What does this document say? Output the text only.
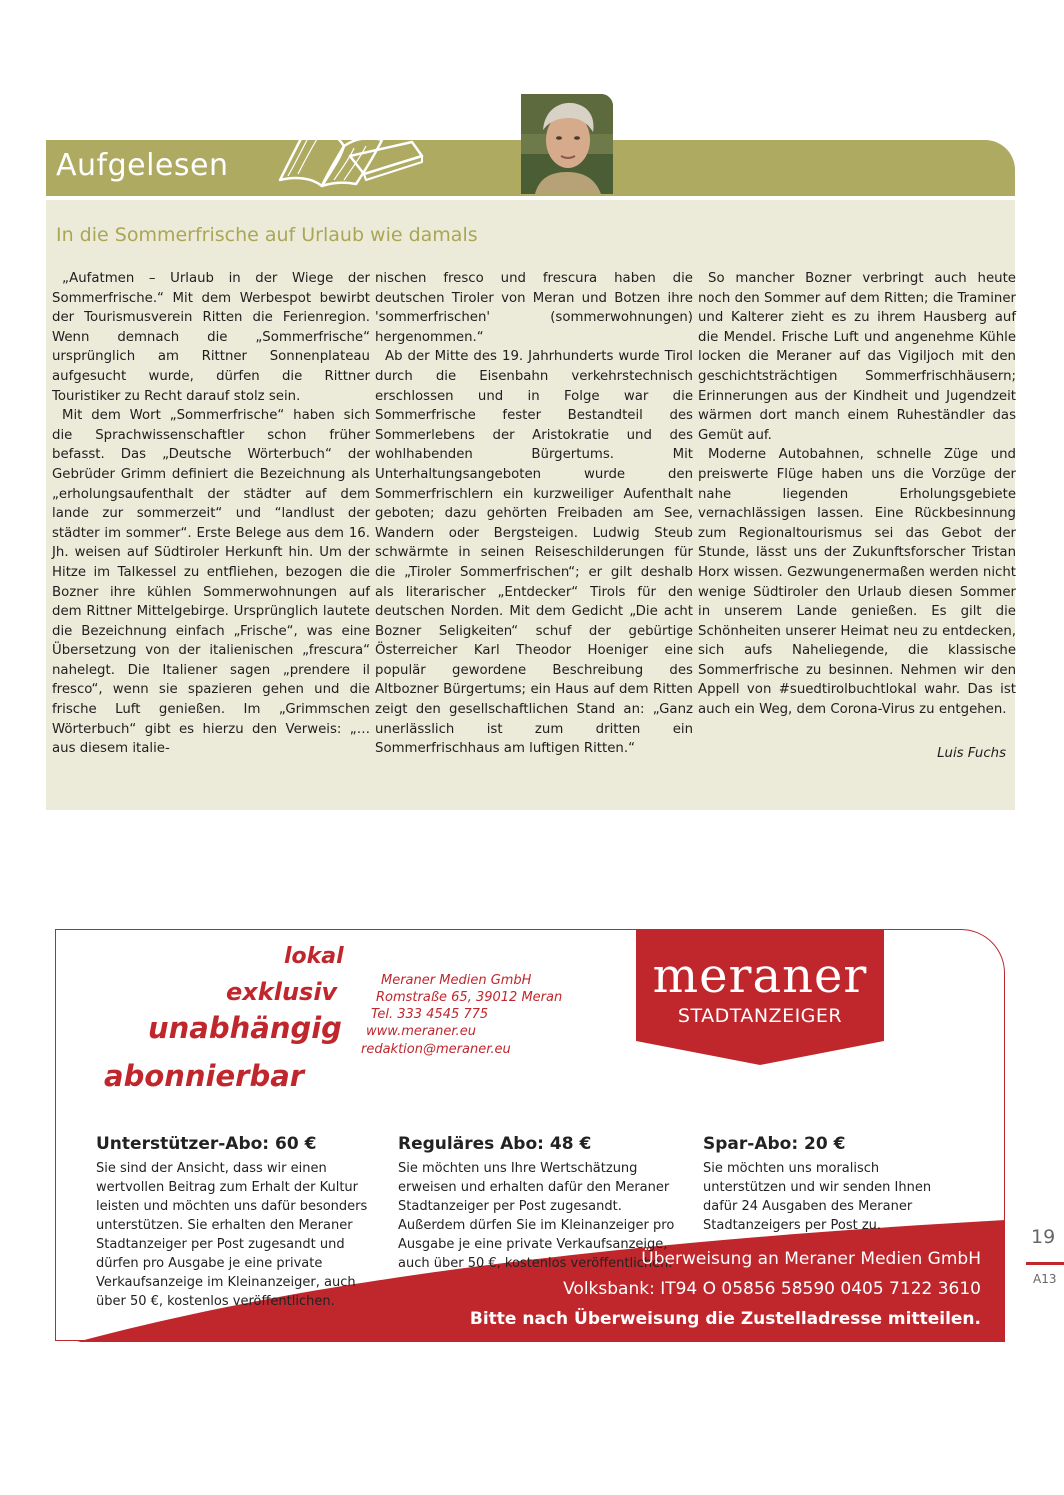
Aufgelesen
In die Sommerfrische auf Urlaub wie damals

„Aufatmen – Urlaub in der Wiege der Sommerfrische.“ Mit dem Werbespot bewirbt der Tourismusverein Ritten die Ferienregion. Wenn demnach die „Sommerfrische“ ursprünglich am Rittner Sonnenplateau aufgesucht wurde, dürfen die Rittner Touristiker zu Recht darauf stolz sein.

Mit dem Wort „Sommerfrische“ haben sich die Sprachwissenschaftler schon früher befasst. Das „Deutsche Wörterbuch“ der Gebrüder Grimm definiert die Bezeichnung als „erholungsaufenthalt der städter auf dem lande zur sommerzeit“ und “landlust der städter im sommer“. Erste Belege aus dem 16. Jh. weisen auf Südtiroler Herkunft hin. Um der Hitze im Talkessel zu entfliehen, bezogen die Bozner ihre kühlen Sommerwohnungen auf dem Rittner Mittelgebirge. Ursprünglich lautete die Bezeichnung einfach „Frische“, was eine Übersetzung von der italienischen „frescura“ nahelegt. Die Italiener sagen „prendere il fresco“, wenn sie spazieren gehen und die frische Luft genießen. Im „Grimmschen Wörterbuch“ gibt es hierzu den Verweis: „… aus diesem italie-

nischen fresco und frescura haben die deutschen Tiroler von Meran und Botzen ihre 'sommerfrischen' (sommerwohnungen) hergenommen.“

Ab der Mitte des 19. Jahrhunderts wurde Tirol durch die Eisenbahn verkehrstechnisch erschlossen und in Folge war die Sommerfrische fester Bestandteil des Sommerlebens der Aristokratie und des wohlhabenden Bürgertums. Mit Unterhaltungsangeboten wurde den Sommerfrischlern ein kurzweiliger Aufenthalt geboten; dazu gehörten Freibaden am See, Wandern oder Bergsteigen. Ludwig Steub schwärmte in seinen Reiseschilderungen für die „Tiroler Sommerfrischen“; er gilt deshalb als literarischer „Entdecker“ Tirols für den deutschen Norden. Mit dem Gedicht „Die acht Bozner Seligkeiten“ schuf der gebürtige Österreicher Karl Theodor Hoeniger eine populär gewordene Beschreibung des Altbozner Bürgertums; ein Haus auf dem Ritten zeigt den gesellschaftlichen Stand an: „Ganz unerlässlich ist zum dritten ein Sommerfrischhaus am luftigen Ritten.“

So mancher Bozner verbringt auch heute noch den Sommer auf dem Ritten; die Traminer und Kalterer zieht es zu ihrem Hausberg auf die Mendel. Frische Luft und angenehme Kühle locken die Meraner auf das Vigiljoch mit den geschichtsträchtigen Sommerfrischhäusern; Erinnerungen aus der Kindheit und Jugendzeit wärmen dort manch einem Ruheständler das Gemüt auf.

Moderne Autobahnen, schnelle Züge und preiswerte Flüge haben uns die Vorzüge der nahe liegenden Erholungsgebiete vernachlässigen lassen. Eine Rückbesinnung zum Regionaltourismus sei das Gebot der Stunde, lässt uns der Zukunftsforscher Tristan Horx wissen. Gezwungenermaßen werden nicht wenige Südtiroler den Urlaub diesen Sommer in unserem Lande genießen. Es gilt die Schönheiten unserer Heimat neu zu entdecken, sich aufs Naheliegende, die klassische Sommerfrische zu besinnen. Nehmen wir den Appell von #suedtirolbuchtlokal wahr. Das ist auch ein Weg, dem Corona-Virus zu entgehen.

Luis Fuchs
lokal
exklusiv
unabhängig
abonnierbar
Meraner Medien GmbH
Romstraße 65, 39012 Meran
Tel. 333 4545 775
www.meraner.eu
redaktion@meraner.eu
meraner
STADTANZEIGER
Unterstützer-Abo: 60 €
Sie sind der Ansicht, dass wir einen wertvollen Beitrag zum Erhalt der Kultur leisten und möchten uns dafür besonders unterstützen. Sie erhalten den Meraner Stadtanzeiger per Post zugesandt und dürfen pro Ausgabe je eine private Verkaufsanzeige im Kleinanzeiger, auch über 50 €, kostenlos veröffentlichen.
Reguläres Abo: 48 €
Sie möchten uns Ihre Wertschätzung erweisen und erhalten dafür den Meraner Stadtanzeiger per Post zugesandt. Außerdem dürfen Sie im Kleinanzeiger pro Ausgabe je eine private Verkaufsanzeige, auch über 50 €, kostenlos veröffentlichen.
Spar-Abo: 20 €
Sie möchten uns moralisch unterstützen und wir senden Ihnen dafür 24 Ausgaben des Meraner Stadtanzeigers per Post zu.
Überweisung an Meraner Medien GmbH
Volksbank: IT94 O 05856 58590 0405 7122 3610
Bitte nach Überweisung die Zustelladresse mitteilen.
19
A13
